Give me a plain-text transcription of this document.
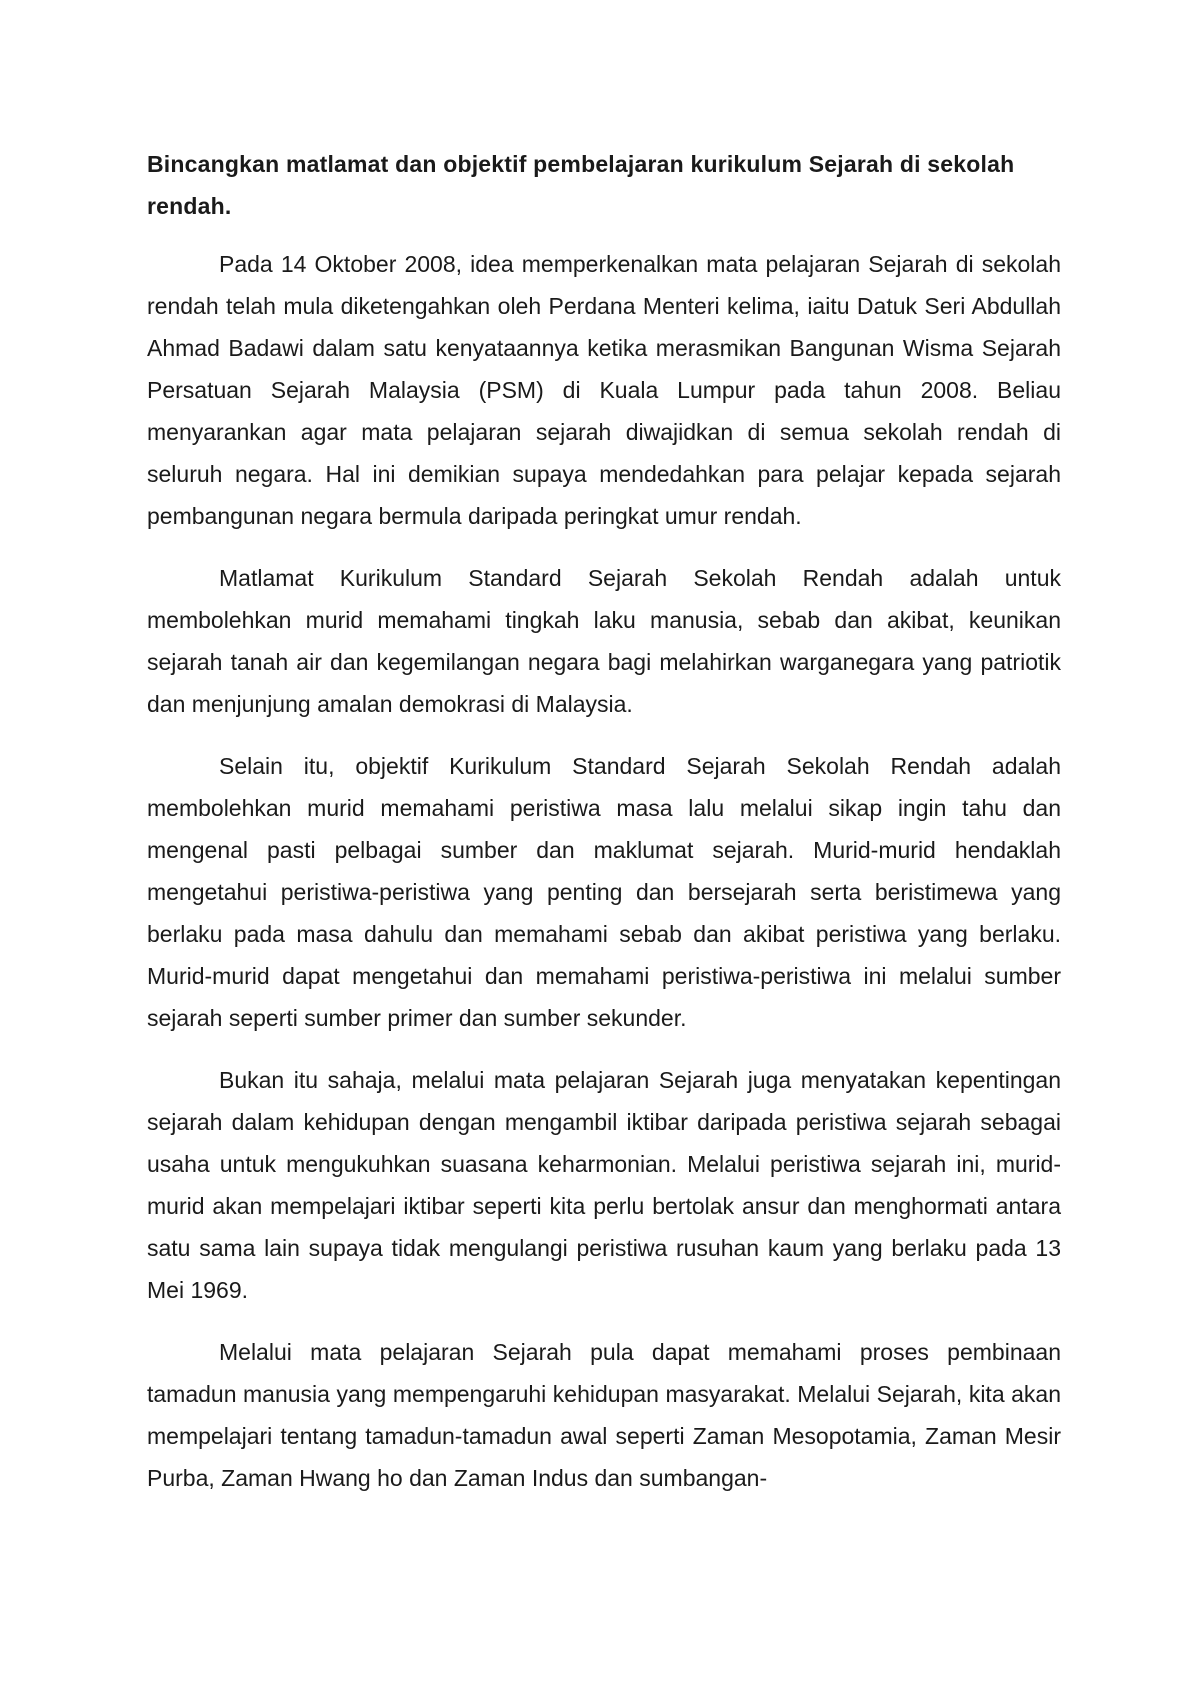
Bincangkan matlamat dan objektif pembelajaran kurikulum Sejarah di sekolah rendah.

Pada 14 Oktober 2008, idea memperkenalkan mata pelajaran Sejarah di sekolah rendah telah mula diketengahkan oleh Perdana Menteri kelima, iaitu Datuk Seri Abdullah Ahmad Badawi dalam satu kenyataannya ketika merasmikan Bangunan Wisma Sejarah Persatuan Sejarah Malaysia (PSM) di Kuala Lumpur pada tahun 2008. Beliau menyarankan agar mata pelajaran sejarah diwajidkan di semua sekolah rendah di seluruh negara. Hal ini demikian supaya mendedahkan para pelajar kepada sejarah pembangunan negara bermula daripada peringkat umur rendah.

Matlamat Kurikulum Standard Sejarah Sekolah Rendah adalah untuk membolehkan murid memahami tingkah laku manusia, sebab dan akibat, keunikan sejarah tanah air dan kegemilangan negara bagi melahirkan warganegara yang patriotik dan menjunjung amalan demokrasi di Malaysia.

Selain itu, objektif Kurikulum Standard Sejarah Sekolah Rendah adalah membolehkan murid memahami peristiwa masa lalu melalui sikap ingin tahu dan mengenal pasti pelbagai sumber dan maklumat sejarah. Murid-murid hendaklah mengetahui peristiwa-peristiwa yang penting dan bersejarah serta beristimewa yang berlaku pada masa dahulu dan memahami sebab dan akibat peristiwa yang berlaku. Murid-murid dapat mengetahui dan memahami peristiwa-peristiwa ini melalui sumber sejarah seperti sumber primer dan sumber sekunder.

Bukan itu sahaja, melalui mata pelajaran Sejarah juga menyatakan kepentingan sejarah dalam kehidupan dengan mengambil iktibar daripada peristiwa sejarah sebagai usaha untuk mengukuhkan suasana keharmonian. Melalui peristiwa sejarah ini, murid-murid akan mempelajari iktibar seperti kita perlu bertolak ansur dan menghormati antara satu sama lain supaya tidak mengulangi peristiwa rusuhan kaum yang berlaku pada 13 Mei 1969.

Melalui mata pelajaran Sejarah pula dapat memahami proses pembinaan tamadun manusia yang mempengaruhi kehidupan masyarakat. Melalui Sejarah, kita akan mempelajari tentang tamadun-tamadun awal seperti Zaman Mesopotamia, Zaman Mesir Purba, Zaman Hwang ho dan Zaman Indus dan sumbangan-
